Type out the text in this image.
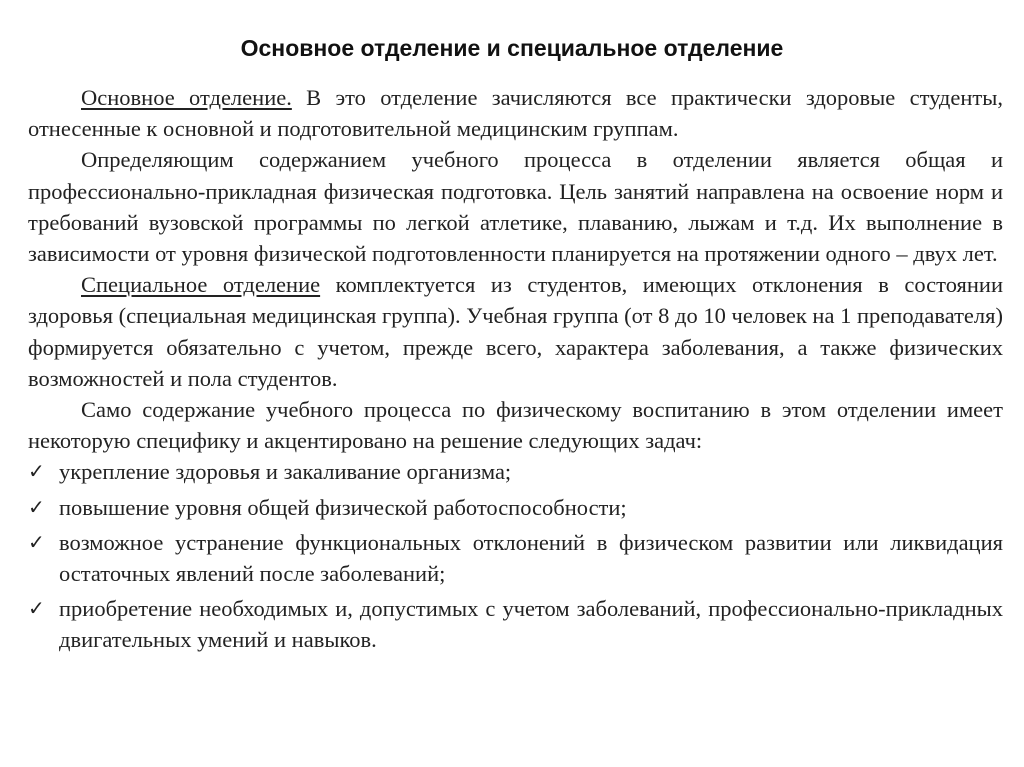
Основное отделение и специальное отделение

Основное отделение. В это отделение зачисляются все практически здоровые студенты, отнесенные к основной и подготовительной медицинским группам.

Определяющим содержанием учебного процесса в отделении является общая и профессионально-прикладная физическая подготовка. Цель занятий направлена на освоение норм и требований вузовской программы по легкой атлетике, плаванию, лыжам и т.д. Их выполнение в зависимости от уровня физической подготовленности планируется на протяжении одного – двух лет.

Специальное отделение комплектуется из студентов, имеющих отклонения в состоянии здоровья (специальная медицинская группа). Учебная группа (от 8 до 10 человек на 1 преподавателя) формируется обязательно с учетом, прежде всего, характера заболевания, а также физических возможностей и пола студентов.

Само содержание учебного процесса по физическому воспитанию в этом отделении имеет некоторую специфику и акцентировано на решение следующих задач:

✓ укрепление здоровья и закаливание организма;
✓ повышение уровня общей физической работоспособности;
✓ возможное устранение функциональных отклонений в физическом развитии или ликвидация остаточных явлений после заболеваний;
✓ приобретение необходимых и, допустимых с учетом заболеваний, профессионально-прикладных двигательных умений и навыков.
